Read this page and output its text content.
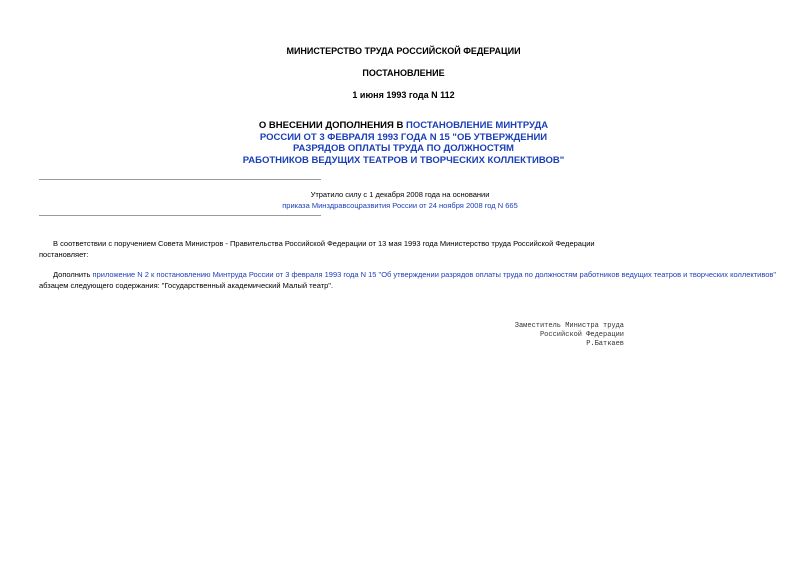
МИНИСТЕРСТВО ТРУДА РОССИЙСКОЙ ФЕДЕРАЦИИ
ПОСТАНОВЛЕНИЕ
1 июня 1993 года N 112
О ВНЕСЕНИИ ДОПОЛНЕНИЯ В ПОСТАНОВЛЕНИЕ МИНТРУДА
РОССИИ ОТ 3 ФЕВРАЛЯ 1993 ГОДА N 15 "ОБ УТВЕРЖДЕНИИ
РАЗРЯДОВ ОПЛАТЫ ТРУДА ПО ДОЛЖНОСТЯМ
РАБОТНИКОВ ВЕДУЩИХ ТЕАТРОВ И ТВОРЧЕСКИХ КОЛЛЕКТИВОВ"
Утратило силу с 1 декабря 2008 года на основании
приказа Минздравсоцразвития России от 24 ноября 2008 год N 665
В соответствии с поручением Совета Министров - Правительства Российской Федерации от 13 мая 1993 года Министерство труда Российской Федерации
постановляет:
Дополнить приложение N 2 к постановлению Минтруда России от 3 февраля 1993 года N 15 "Об утверждении разрядов оплаты труда по должностям работников ведущих театров и творческих коллективов"
абзацем следующего содержания: "Государственный академический Малый театр".
Заместитель Министра труда
Российской Федерации
Р.Баткаев
